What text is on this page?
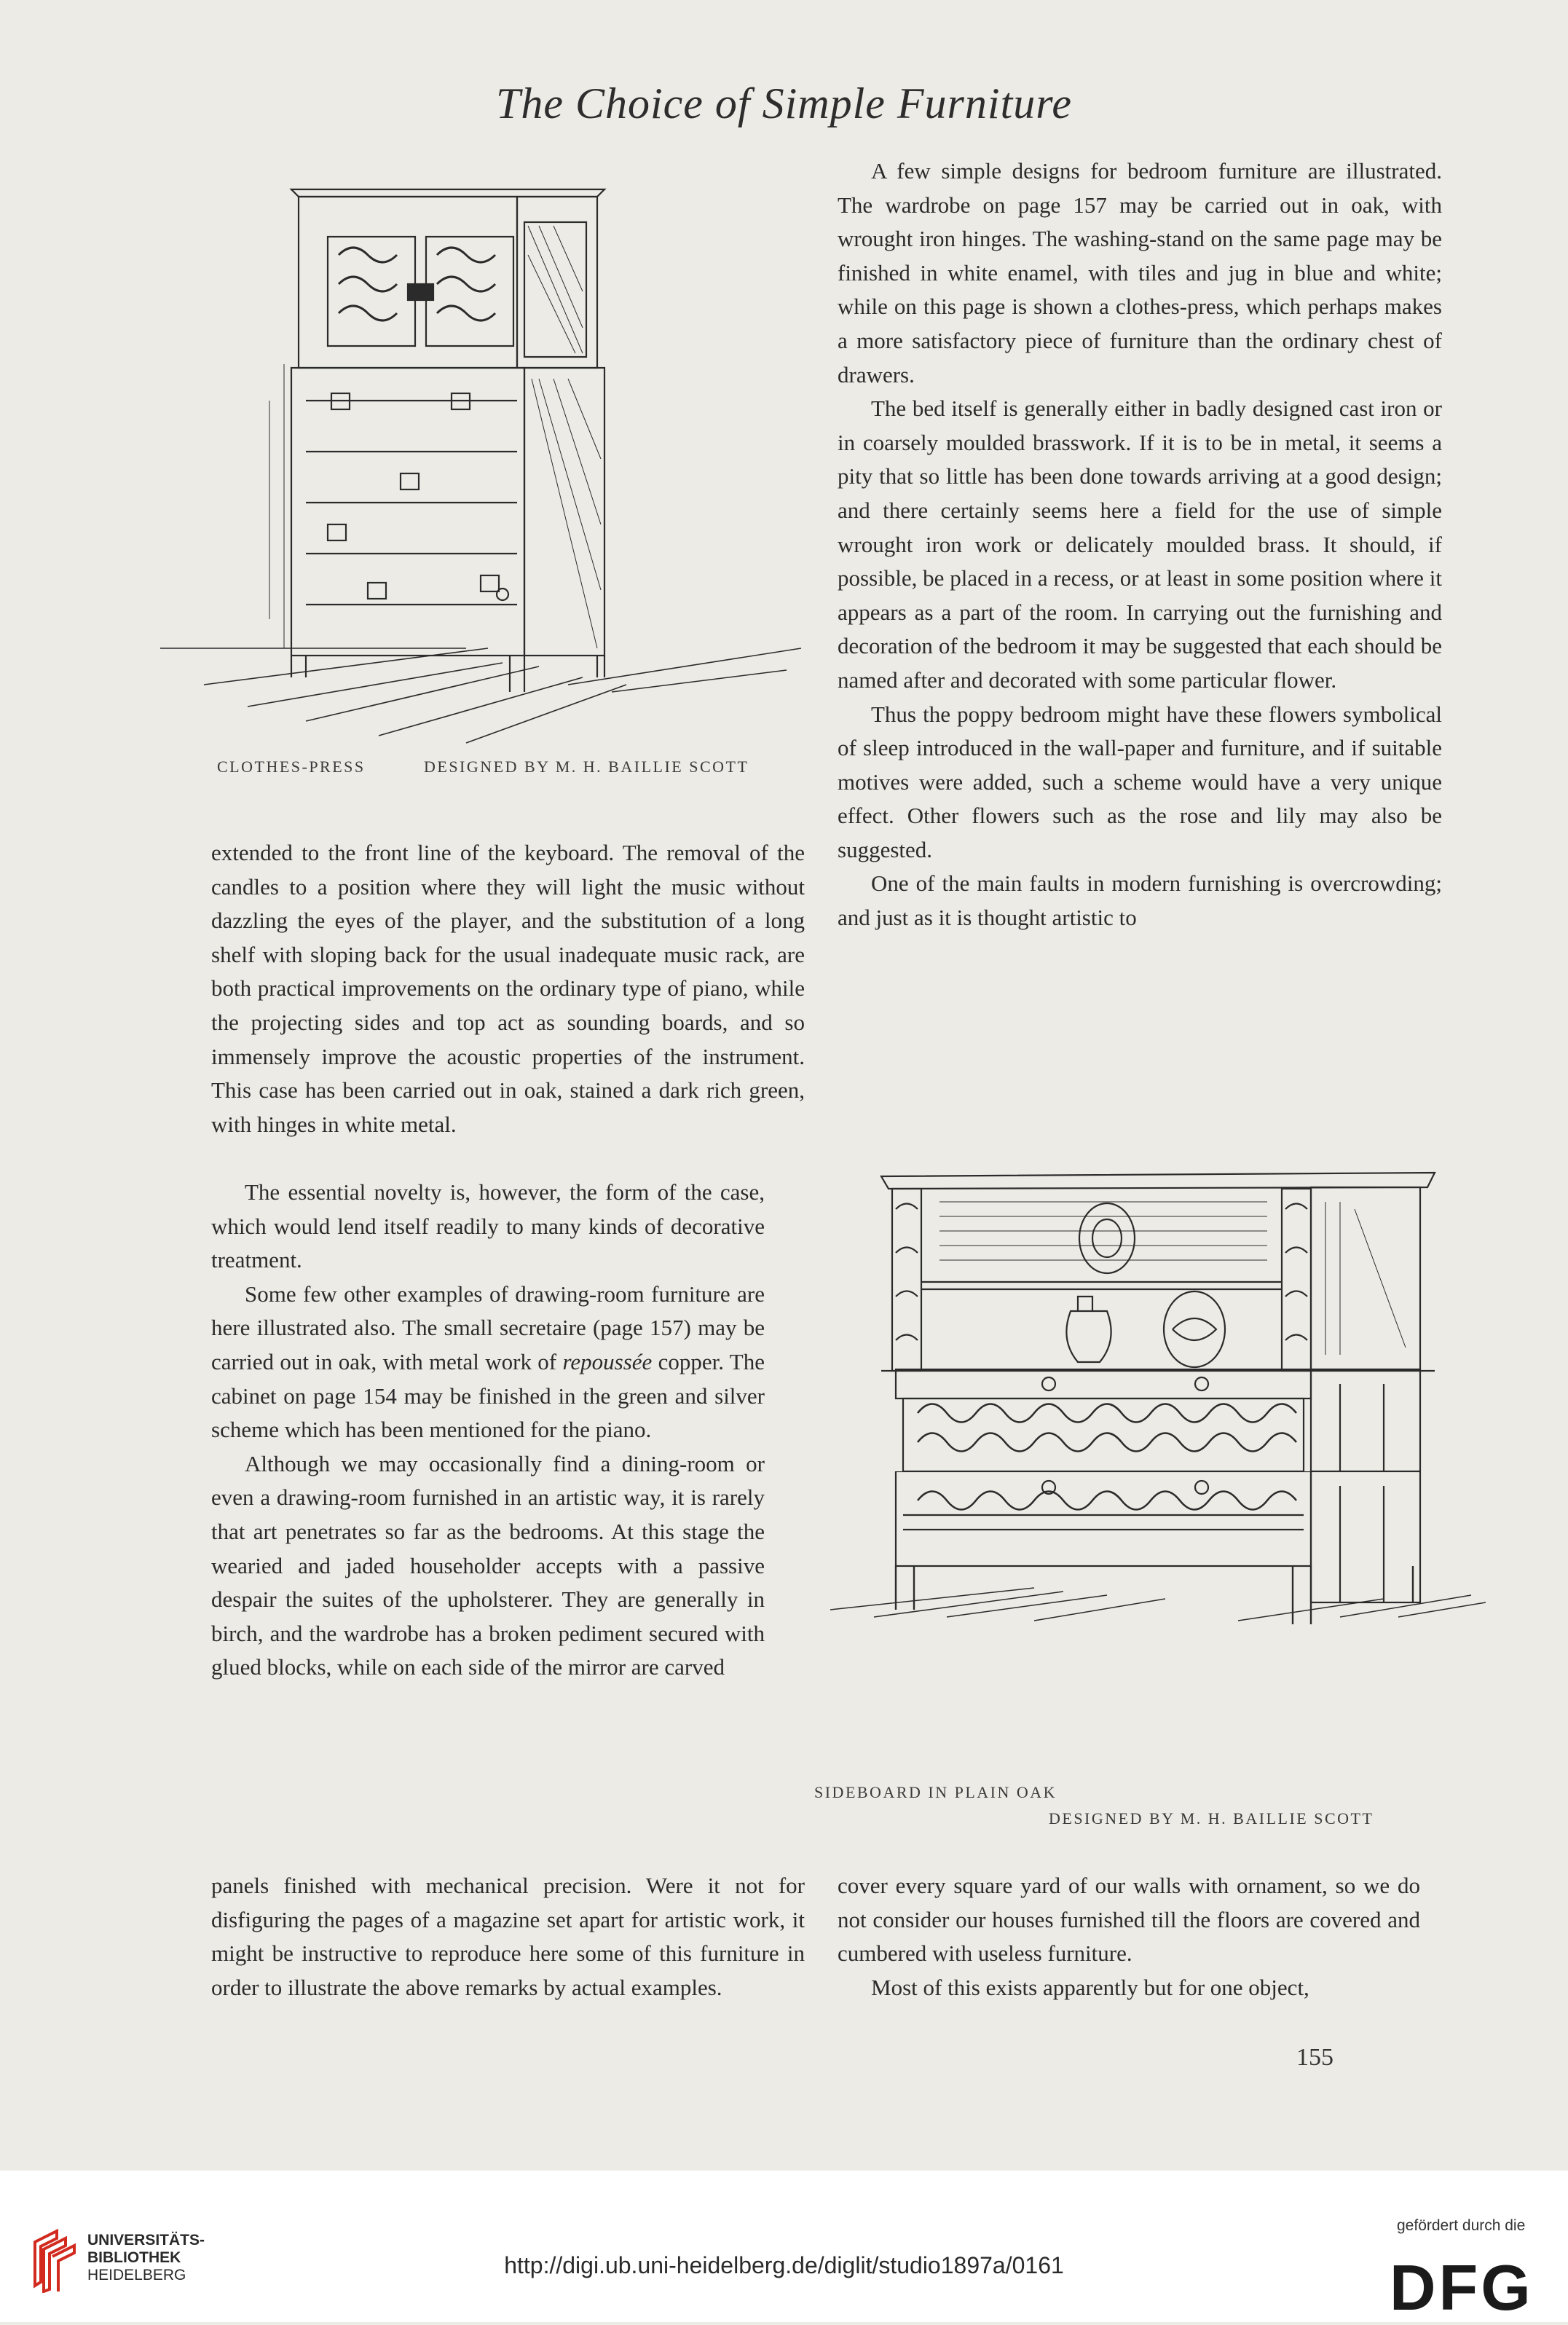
The Choice of Simple Furniture
CLOTHES-PRESS	DESIGNED BY M. H. BAILLIE SCOTT

extended to the front line of the keyboard. The removal of the candles to a position where they will light the music without dazzling the eyes of the player, and the substitution of a long shelf with sloping back for the usual inadequate music rack, are both practical improvements on the ordinary type of piano, while the projecting sides and top act as sounding boards, and so immensely improve the acoustic properties of the instrument. This case has been carried out in oak, stained a dark rich green, with hinges in white metal.

The essential novelty is, however, the form of the case, which would lend itself readily to many kinds of decorative treatment.

Some few other examples of drawing-room furniture are here illustrated also. The small secretaire (page 157) may be carried out in oak, with metal work of repoussée copper. The cabinet on page 154 may be finished in the green and silver scheme which has been mentioned for the piano.

Although we may occasionally find a dining-room or even a drawing-room furnished in an artistic way, it is rarely that art penetrates so far as the bedrooms. At this stage the wearied and jaded householder accepts with a passive despair the suites of the upholsterer. They are generally in birch, and the wardrobe has a broken pediment secured with glued blocks, while on each side of the mirror are carved

panels finished with mechanical precision. Were it not for disfiguring the pages of a magazine set apart for artistic work, it might be instructive to reproduce here some of this furniture in order to illustrate the above remarks by actual examples.

A few simple designs for bedroom furniture are illustrated. The wardrobe on page 157 may be carried out in oak, with wrought iron hinges. The washing-stand on the same page may be finished in white enamel, with tiles and jug in blue and white; while on this page is shown a clothes-press, which perhaps makes a more satisfactory piece of furniture than the ordinary chest of drawers.

The bed itself is generally either in badly designed cast iron or in coarsely moulded brasswork. If it is to be in metal, it seems a pity that so little has been done towards arriving at a good design; and there certainly seems here a field for the use of simple wrought iron work or delicately moulded brass. It should, if possible, be placed in a recess, or at least in some position where it appears as a part of the room. In carrying out the furnishing and decoration of the bedroom it may be suggested that each should be named after and decorated with some particular flower.

Thus the poppy bedroom might have these flowers symbolical of sleep introduced in the wall-paper and furniture, and if suitable motives were added, such a scheme would have a very unique effect. Other flowers such as the rose and lily may also be suggested.

One of the main faults in modern furnishing is overcrowding; and just as it is thought artistic to

SIDEBOARD IN PLAIN OAK
DESIGNED BY M. H. BAILLIE SCOTT

cover every square yard of our walls with ornament, so we do not consider our houses furnished till the floors are covered and cumbered with useless furniture.

Most of this exists apparently but for one object,

155
UNIVERSITÄTS-
BIBLIOTHEK
HEIDELBERG	http://digi.ub.uni-heidelberg.de/diglit/studio1897a/0161
gefördert durch die
DFG
